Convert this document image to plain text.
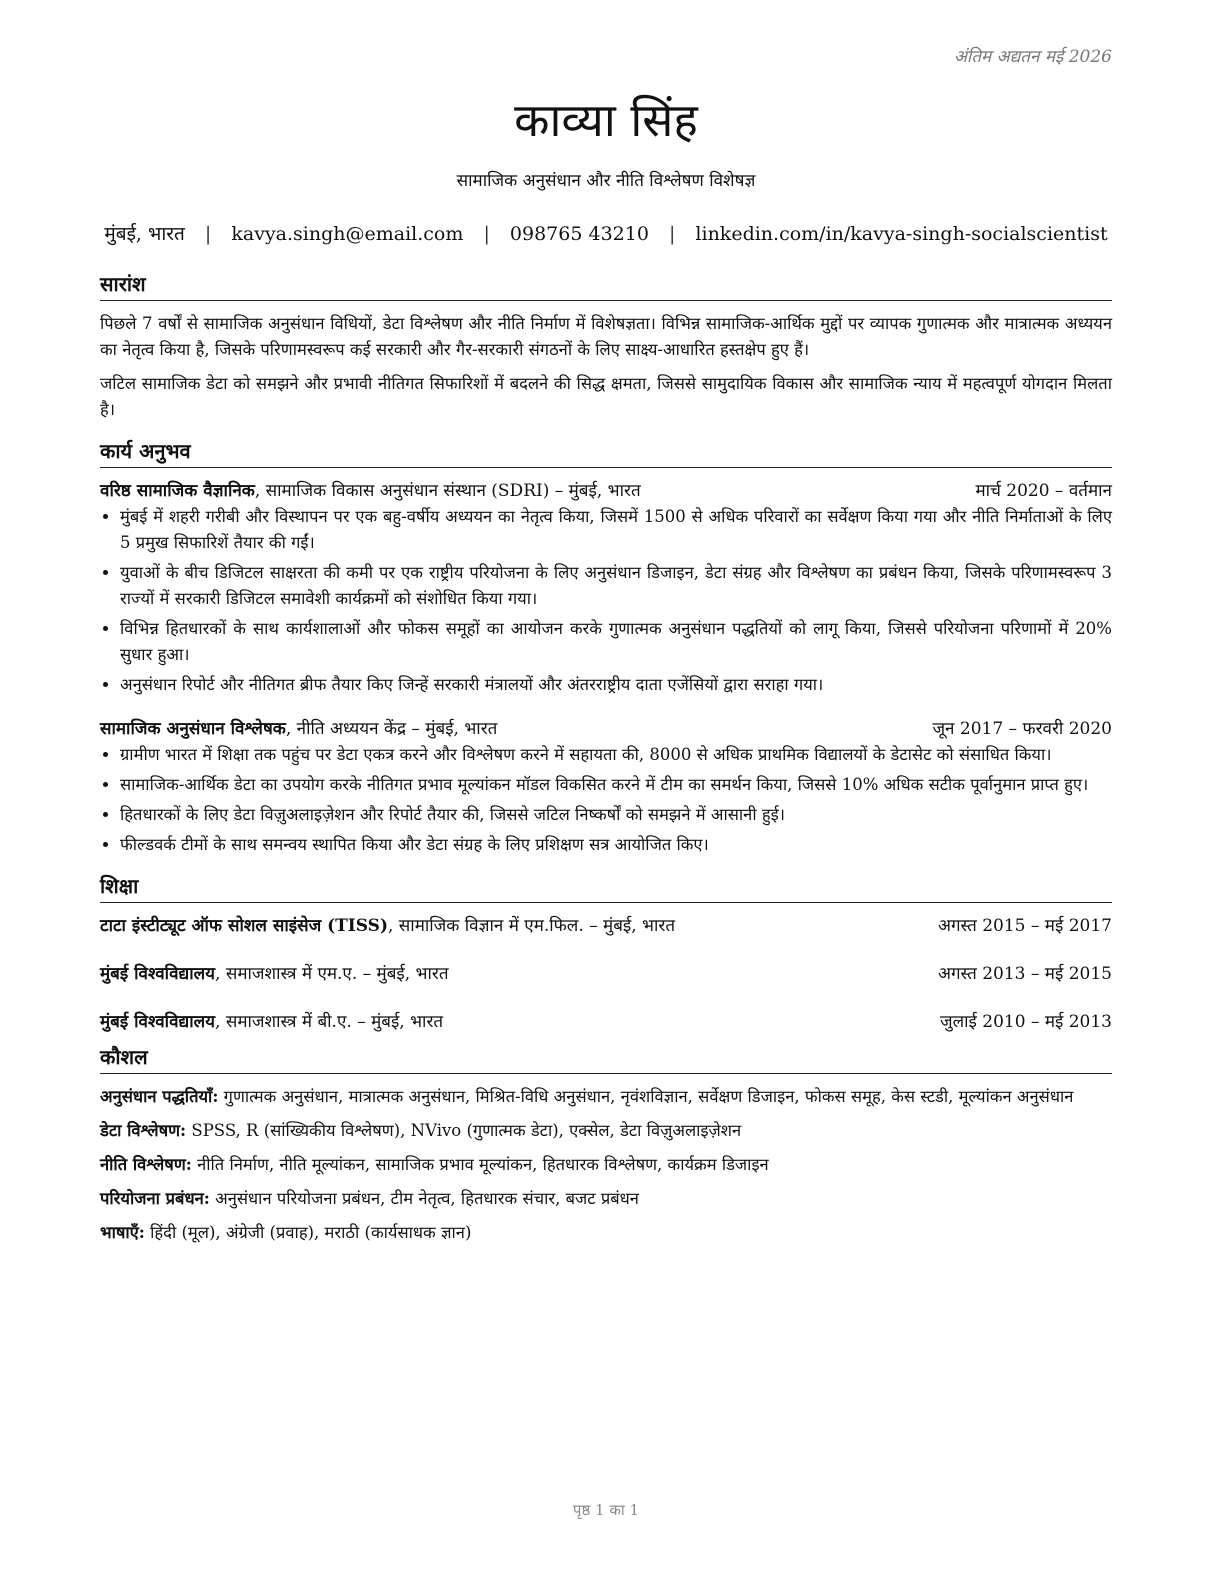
अंतिम अद्यतन मई 2026
काव्या सिंह
सामाजिक अनुसंधान और नीति विश्लेषण विशेषज्ञ
मुंबई, भारत | kavya.singh@email.com | 098765 43210 | linkedin.com/in/kavya-singh-socialscientist
सारांश

पिछले 7 वर्षों से सामाजिक अनुसंधान विधियों, डेटा विश्लेषण और नीति निर्माण में विशेषज्ञता। विभिन्न सामाजिक-आर्थिक मुद्दों पर व्यापक गुणात्मक और मात्रात्मक अध्ययन का नेतृत्व किया है, जिसके परिणामस्वरूप कई सरकारी और गैर-सरकारी संगठनों के लिए साक्ष्य-आधारित हस्तक्षेप हुए हैं।

जटिल सामाजिक डेटा को समझने और प्रभावी नीतिगत सिफारिशों में बदलने की सिद्ध क्षमता, जिससे सामुदायिक विकास और सामाजिक न्याय में महत्वपूर्ण योगदान मिलता है।

कार्य अनुभव
वरिष्ठ सामाजिक वैज्ञानिक, सामाजिक विकास अनुसंधान संस्थान (SDRI) – मुंबई, भारत	मार्च 2020 – वर्तमान
• मुंबई में शहरी गरीबी और विस्थापन पर एक बहु-वर्षीय अध्ययन का नेतृत्व किया, जिसमें 1500 से अधिक परिवारों का सर्वेक्षण किया गया और नीति निर्माताओं के लिए 5 प्रमुख सिफारिशें तैयार की गईं।
• युवाओं के बीच डिजिटल साक्षरता की कमी पर एक राष्ट्रीय परियोजना के लिए अनुसंधान डिजाइन, डेटा संग्रह और विश्लेषण का प्रबंधन किया, जिसके परिणामस्वरूप 3 राज्यों में सरकारी डिजिटल समावेशी कार्यक्रमों को संशोधित किया गया।
• विभिन्न हितधारकों के साथ कार्यशालाओं और फोकस समूहों का आयोजन करके गुणात्मक अनुसंधान पद्धतियों को लागू किया, जिससे परियोजना परिणामों में 20% सुधार हुआ।
• अनुसंधान रिपोर्ट और नीतिगत ब्रीफ तैयार किए जिन्हें सरकारी मंत्रालयों और अंतरराष्ट्रीय दाता एजेंसियों द्वारा सराहा गया।
सामाजिक अनुसंधान विश्लेषक, नीति अध्ययन केंद्र – मुंबई, भारत	जून 2017 – फरवरी 2020
• ग्रामीण भारत में शिक्षा तक पहुंच पर डेटा एकत्र करने और विश्लेषण करने में सहायता की, 8000 से अधिक प्राथमिक विद्यालयों के डेटासेट को संसाधित किया।
• सामाजिक-आर्थिक डेटा का उपयोग करके नीतिगत प्रभाव मूल्यांकन मॉडल विकसित करने में टीम का समर्थन किया, जिससे 10% अधिक सटीक पूर्वानुमान प्राप्त हुए।
• हितधारकों के लिए डेटा विज़ुअलाइज़ेशन और रिपोर्ट तैयार की, जिससे जटिल निष्कर्षों को समझने में आसानी हुई।
• फील्डवर्क टीमों के साथ समन्वय स्थापित किया और डेटा संग्रह के लिए प्रशिक्षण सत्र आयोजित किए।
शिक्षा
टाटा इंस्टीट्यूट ऑफ सोशल साइंसेज (TISS), सामाजिक विज्ञान में एम.फिल. – मुंबई, भारत	अगस्त 2015 – मई 2017
मुंबई विश्वविद्यालय, समाजशास्त्र में एम.ए. – मुंबई, भारत	अगस्त 2013 – मई 2015
मुंबई विश्वविद्यालय, समाजशास्त्र में बी.ए. – मुंबई, भारत	जुलाई 2010 – मई 2013
कौशल

अनुसंधान पद्धतियाँ: गुणात्मक अनुसंधान, मात्रात्मक अनुसंधान, मिश्रित-विधि अनुसंधान, नृवंशविज्ञान, सर्वेक्षण डिजाइन, फोकस समूह, केस स्टडी, मूल्यांकन अनुसंधान

डेटा विश्लेषण: SPSS, R (सांख्यिकीय विश्लेषण), NVivo (गुणात्मक डेटा), एक्सेल, डेटा विज़ुअलाइज़ेशन

नीति विश्लेषण: नीति निर्माण, नीति मूल्यांकन, सामाजिक प्रभाव मूल्यांकन, हितधारक विश्लेषण, कार्यक्रम डिजाइन

परियोजना प्रबंधन: अनुसंधान परियोजना प्रबंधन, टीम नेतृत्व, हितधारक संचार, बजट प्रबंधन

भाषाएँ: हिंदी (मूल), अंग्रेजी (प्रवाह), मराठी (कार्यसाधक ज्ञान)

पृष्ठ 1 का 1
